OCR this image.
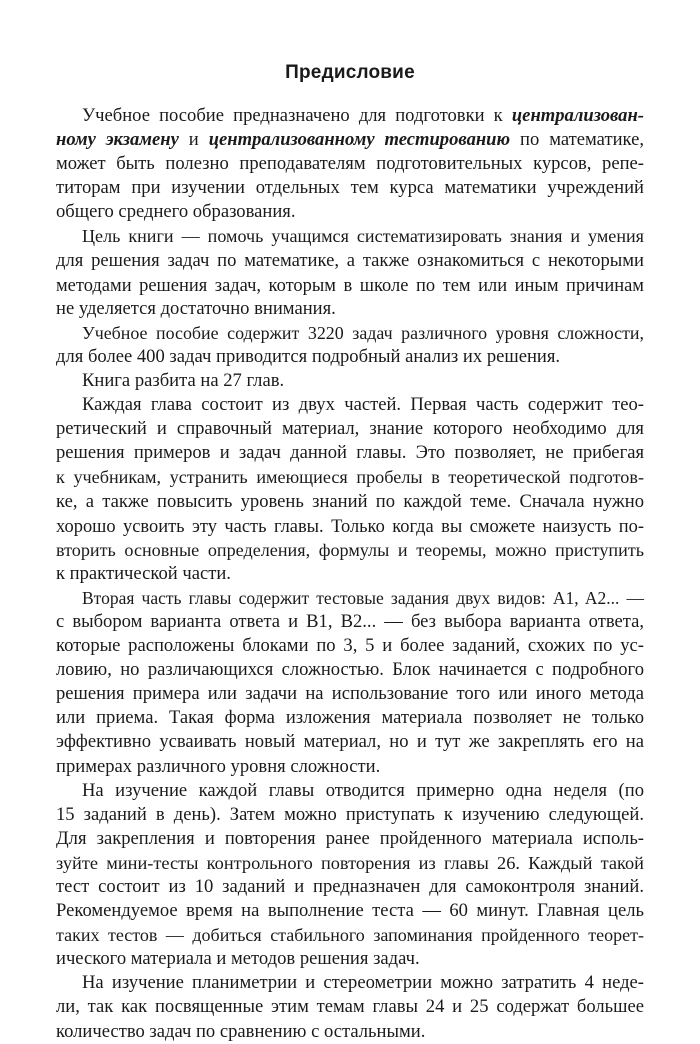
Предисловие

Учебное пособие предназначено для подготовки к централизован-
ному экзамену и централизованному тестированию по математике,
может быть полезно преподавателям подготовительных курсов, репе-
титорам при изучении отдельных тем курса математики учреждений
общего среднего образования.

Цель книги — помочь учащимся систематизировать знания и умения
для решения задач по математике, а также ознакомиться с некоторыми
методами решения задач, которым в школе по тем или иным причинам
не уделяется достаточно внимания.

Учебное пособие содержит 3220 задач различного уровня сложности,
для более 400 задач приводится подробный анализ их решения.

Книга разбита на 27 глав.

Каждая глава состоит из двух частей. Первая часть содержит тео-
ретический и справочный материал, знание которого необходимо для
решения примеров и задач данной главы. Это позволяет, не прибегая
к учебникам, устранить имеющиеся пробелы в теоретической подготов-
ке, а также повысить уровень знаний по каждой теме. Сначала нужно
хорошо усвоить эту часть главы. Только когда вы сможете наизусть по-
вторить основные определения, формулы и теоремы, можно приступить
к практической части.

Вторая часть главы содержит тестовые задания двух видов: A1, A2... —
с выбором варианта ответа и B1, B2... — без выбора варианта ответа,
которые расположены блоками по 3, 5 и более заданий, схожих по ус-
ловию, но различающихся сложностью. Блок начинается с подробного
решения примера или задачи на использование того или иного метода
или приема. Такая форма изложения материала позволяет не только
эффективно усваивать новый материал, но и тут же закреплять его на
примерах различного уровня сложности.

На изучение каждой главы отводится примерно одна неделя (по
15 заданий в день). Затем можно приступать к изучению следующей.
Для закрепления и повторения ранее пройденного материала исполь-
зуйте мини-тесты контрольного повторения из главы 26. Каждый такой
тест состоит из 10 заданий и предназначен для самоконтроля знаний.
Рекомендуемое время на выполнение теста — 60 минут. Главная цель
таких тестов — добиться стабильного запоминания пройденного теорет-
ического материала и методов решения задач.

На изучение планиметрии и стереометрии можно затратить 4 неде-
ли, так как посвященные этим темам главы 24 и 25 содержат большее
количество задач по сравнению с остальными.
